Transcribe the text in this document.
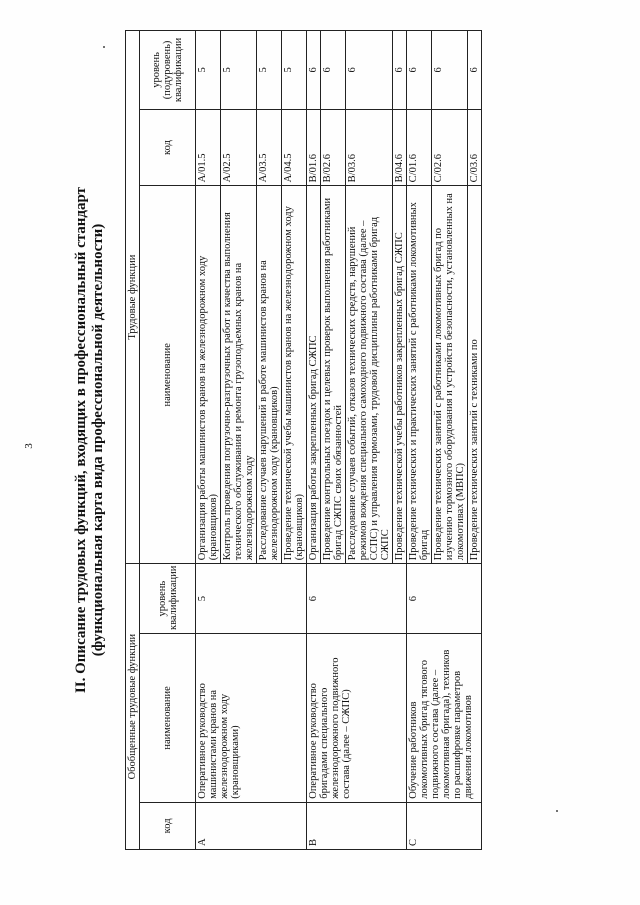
3	II. Описание трудовых функций, входящих в профессиональный стандарт (функциональная карта вида профессиональной деятельности)
Обобщенные трудовые функции			Трудовые функции		
код	наименование	уровень квалификации	наименование	код	уровень (подуровень) квалификации
A	Оперативное руководство машинистами кранов на железнодорожном ходу (крановщиками)	5	Организация работы машинистов кранов на железнодорожном ходу (крановщиков)	A/01.5	5
			Контроль проведения погрузочно-разгрузочных работ и качества выполнения технического обслуживания и ремонта грузоподъемных кранов на железнодорожном ходу	A/02.5	5
			Расследование случаев нарушений в работе машинистов кранов на железнодорожном ходу (крановщиков)	A/03.5	5
			Проведение технической учебы машинистов кранов на железнодорожном ходу (крановщиков)	A/04.5	5
B	Оперативное руководство бригадами специального железнодорожного подвижного состава (далее – СЖПС)	6	Организация работы закрепленных бригад СЖПС	B/01.6	6
			Проведение контрольных поездок и целевых проверок выполнения работниками бригад СЖПС своих обязанностей	B/02.6	6
			Расследование случаев событий, отказов технических средств, нарушений режимов вождения специального самоходного подвижного состава (далее – ССПС) и управления тормозами, трудовой дисциплины работниками бригад СЖПС	B/03.6	6
			Проведение технической учебы работников закрепленных бригад СЖПС	B/04.6	6
C	Обучение работников локомотивных бригад тягового подвижного состава (далее – локомотивная бригада), техников по расшифровке параметров движения локомотивов	6	Проведение технических и практических занятий с работниками локомотивных бригад	C/01.6	6
			Проведение технических занятий с работниками локомотивных бригад по изучению тормозного оборудования и устройств безопасности, установленных на локомотивах (МВПС)	C/02.6	6
			Проведение технических занятий с техниками по	C/03.6	6
